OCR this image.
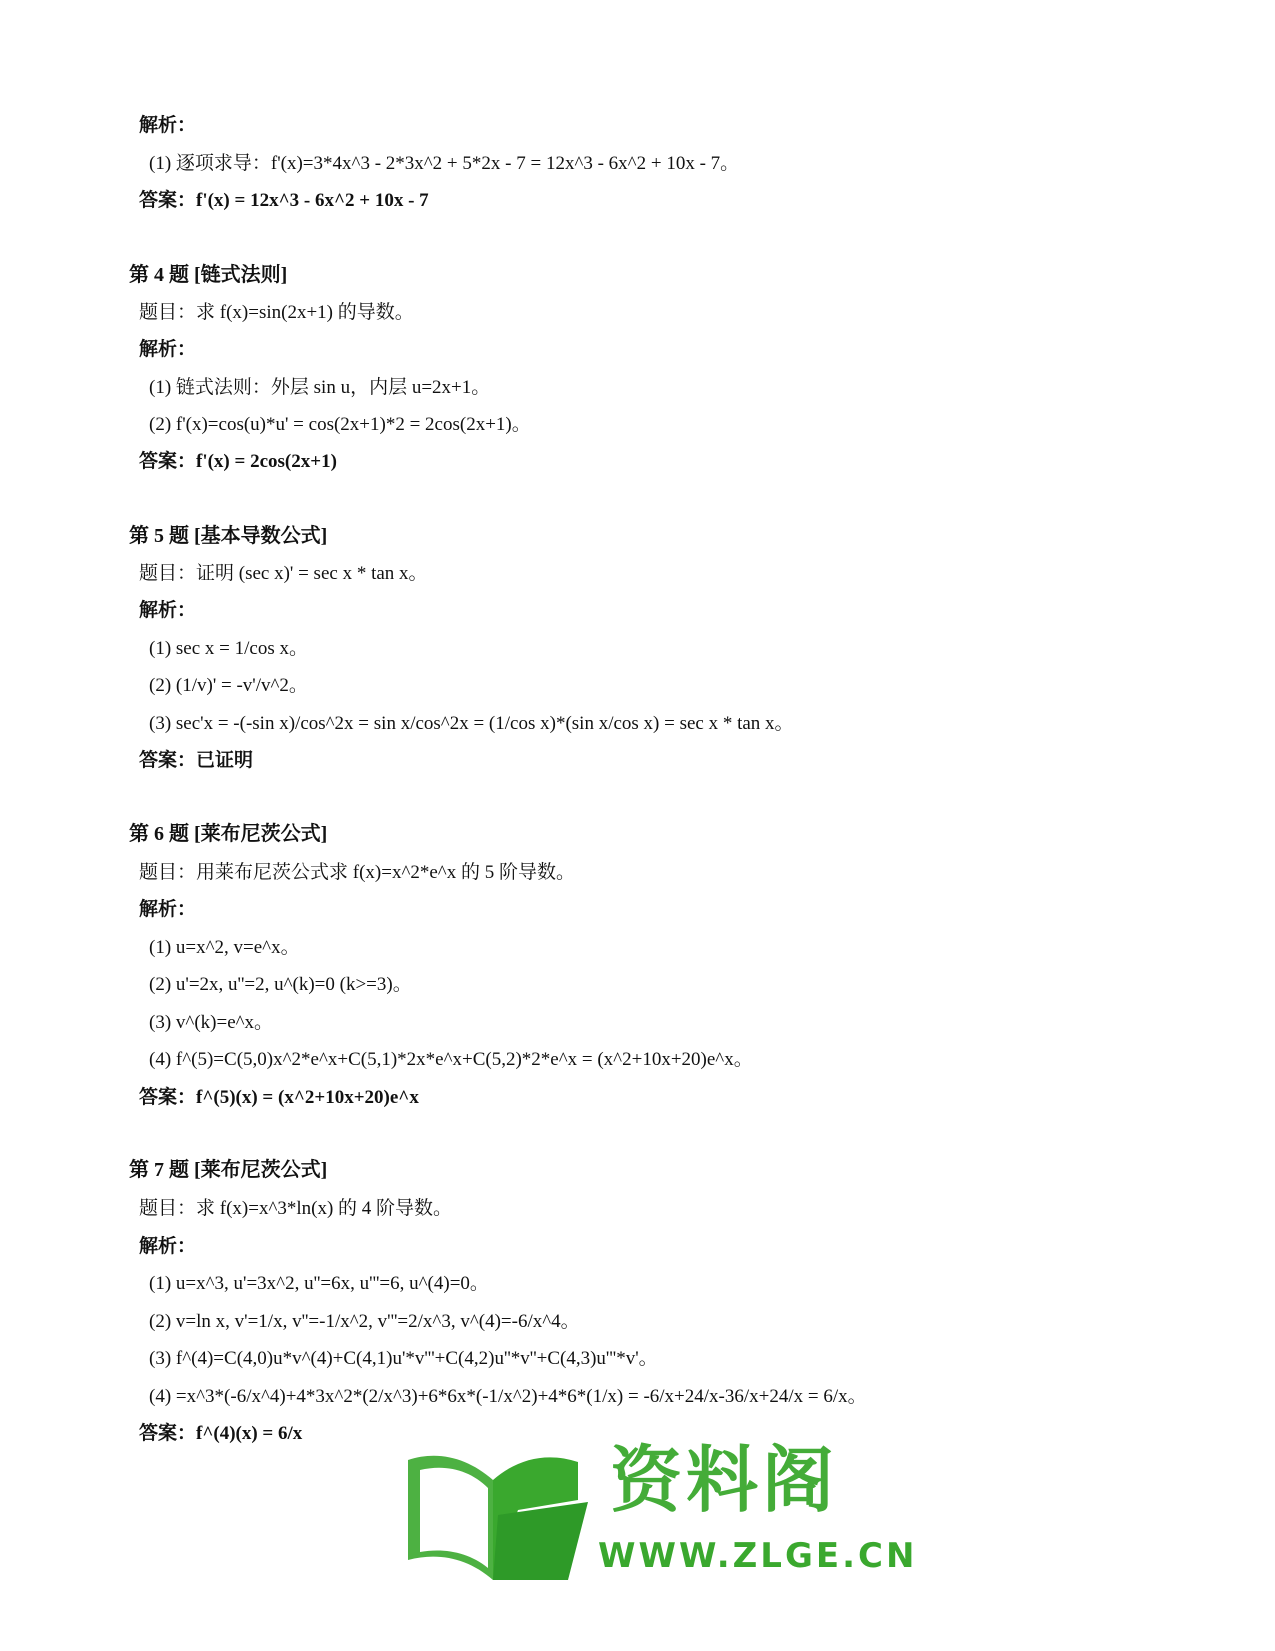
解析：
(1) 逐项求导：f'(x)=3*4x^3 - 2*3x^2 + 5*2x - 7 = 12x^3 - 6x^2 + 10x - 7。
答案：f'(x) = 12x^3 - 6x^2 + 10x - 7
第 4 题 [链式法则]
题目：求 f(x)=sin(2x+1) 的导数。
解析：
(1) 链式法则：外层 sin u，内层 u=2x+1。
(2) f'(x)=cos(u)*u' = cos(2x+1)*2 = 2cos(2x+1)。
答案：f'(x) = 2cos(2x+1)
第 5 题 [基本导数公式]
题目：证明 (sec x)' = sec x * tan x。
解析：
(1) sec x = 1/cos x。
(2) (1/v)' = -v'/v^2。
(3) sec'x = -(-sin x)/cos^2x = sin x/cos^2x = (1/cos x)*(sin x/cos x) = sec x * tan x。
答案：已证明
第 6 题 [莱布尼茨公式]
题目：用莱布尼茨公式求 f(x)=x^2*e^x 的 5 阶导数。
解析：
(1) u=x^2, v=e^x。
(2) u'=2x, u''=2, u^(k)=0 (k>=3)。
(3) v^(k)=e^x。
(4) f^(5)=C(5,0)x^2*e^x+C(5,1)*2x*e^x+C(5,2)*2*e^x = (x^2+10x+20)e^x。
答案：f^(5)(x) = (x^2+10x+20)e^x
第 7 题 [莱布尼茨公式]
题目：求 f(x)=x^3*ln(x) 的 4 阶导数。
解析：
(1) u=x^3, u'=3x^2, u''=6x, u'''=6, u^(4)=0。
(2) v=ln x, v'=1/x, v''=-1/x^2, v'''=2/x^3, v^(4)=-6/x^4。
(3) f^(4)=C(4,0)u*v^(4)+C(4,1)u'*v'''+C(4,2)u''*v''+C(4,3)u'''*v'。
(4) =x^3*(-6/x^4)+4*3x^2*(2/x^3)+6*6x*(-1/x^2)+4*6*(1/x) = -6/x+24/x-36/x+24/x = 6/x。
答案：f^(4)(x) = 6/x
资料阁
WWW.ZLGE.CN
